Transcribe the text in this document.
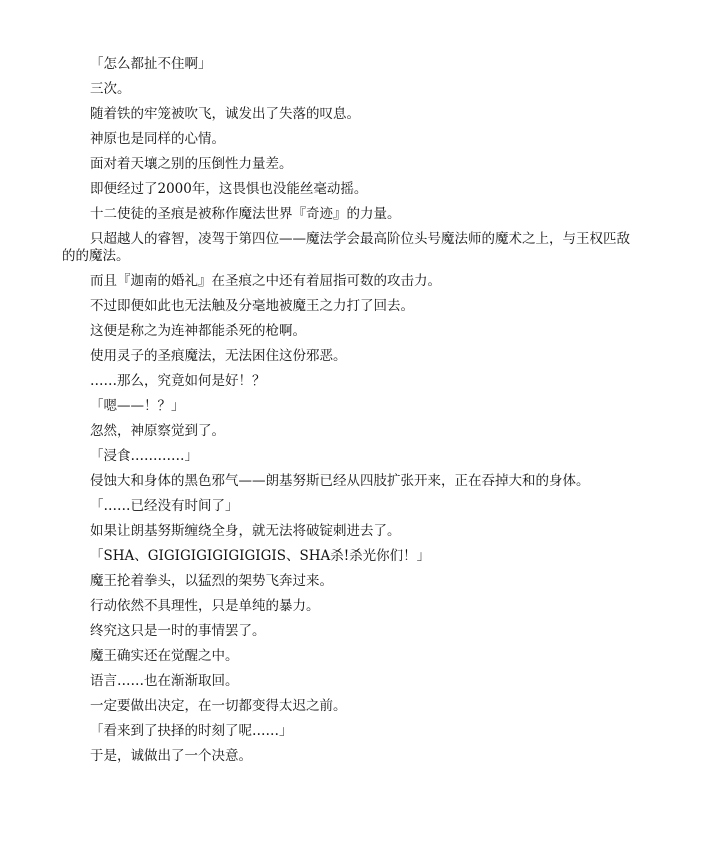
「怎么都扯不住啊」

三次。

随着铁的牢笼被吹飞，诚发出了失落的叹息。

神原也是同样的心情。

面对着天壤之别的压倒性力量差。

即便经过了2000年，这畏惧也没能丝毫动摇。

十二使徒的圣痕是被称作魔法世界『奇迹』的力量。

只超越人的睿智，凌驾于第四位——魔法学会最高阶位头号魔法师的魔术之上，与王权匹敌的的魔法。

而且『迦南的婚礼』在圣痕之中还有着屈指可数的攻击力。

不过即便如此也无法触及分毫地被魔王之力打了回去。

这便是称之为连神都能杀死的枪啊。

使用灵子的圣痕魔法，无法困住这份邪恶。

……那么，究竟如何是好！？

「嗯——！？」

忽然，神原察觉到了。

「浸食…………」

侵蚀大和身体的黑色邪气——朗基努斯已经从四肢扩张开来，正在吞掉大和的身体。

「……已经没有时间了」

如果让朗基努斯缠绕全身，就无法将破锭刺进去了。

「SHA、GIGIGIGIGIGIGIGIS、SHA杀!杀光你们！」

魔王抡着拳头，以猛烈的架势飞奔过来。

行动依然不具理性，只是单纯的暴力。

终究这只是一时的事情罢了。

魔王确实还在觉醒之中。

语言……也在渐渐取回。

一定要做出决定，在一切都变得太迟之前。

「看来到了抉择的时刻了呢……」

于是，诚做出了一个决意。
